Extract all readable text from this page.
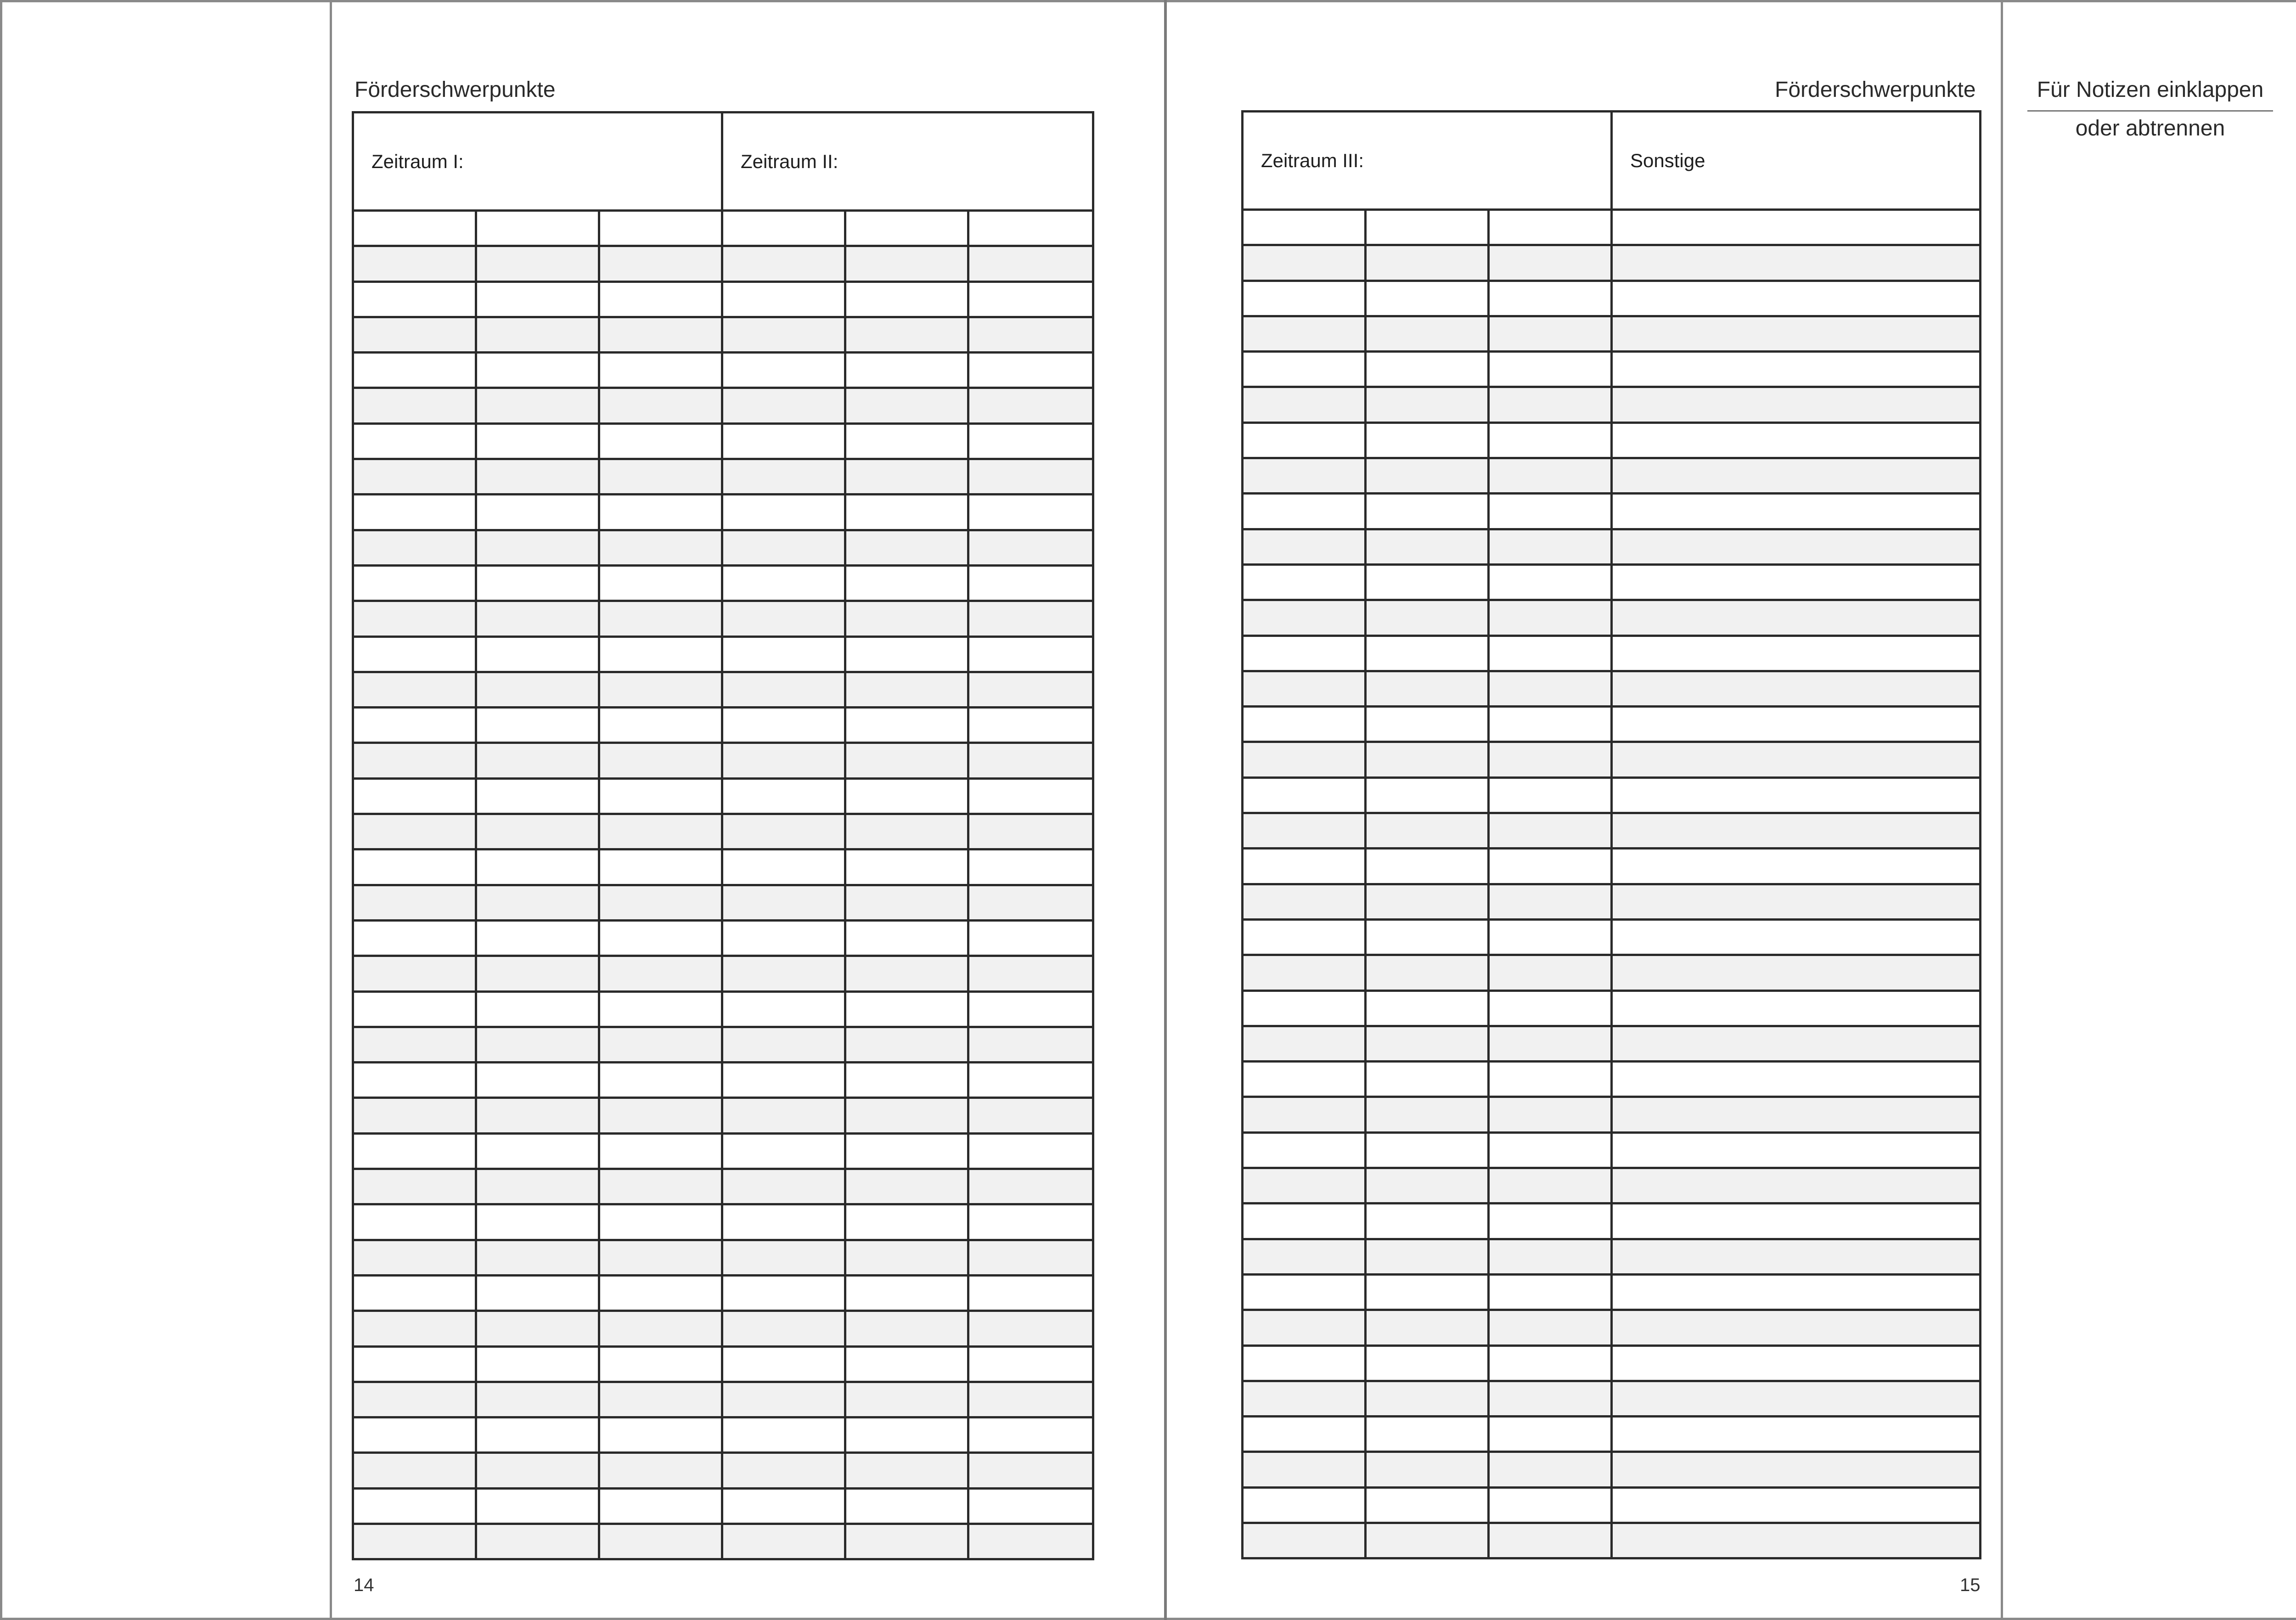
Förderschwerpunkte
Zeitraum I:			Zeitraum II:		

14
Förderschwerpunkte
Zeitraum III:			Sonstige

15
Für Notizen einklappen
oder abtrennen
